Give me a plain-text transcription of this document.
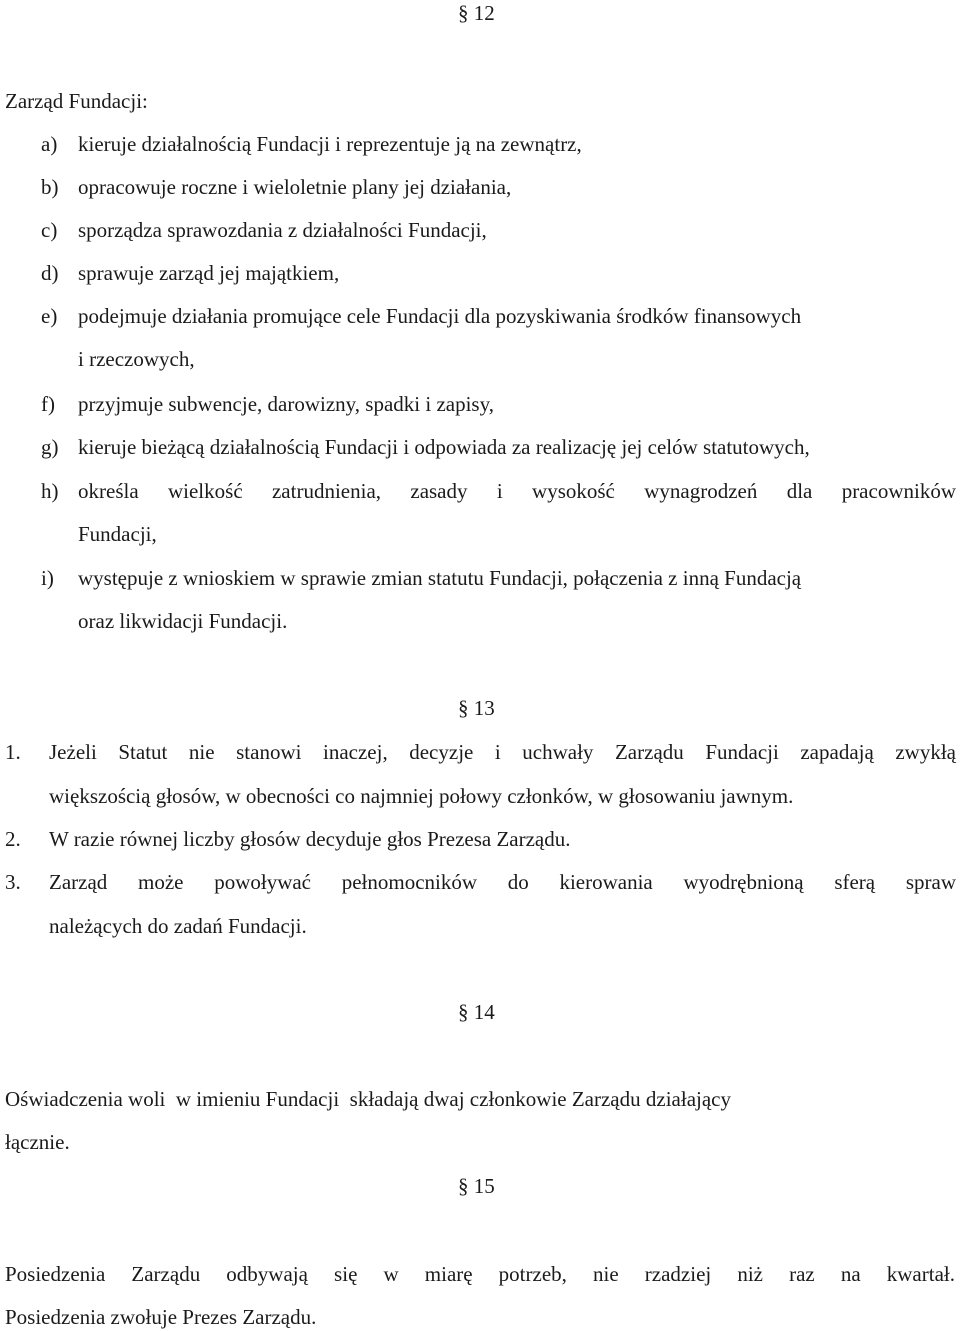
§ 12
Zarząd Fundacji:
a) kieruje działalnością Fundacji i reprezentuje ją na zewnątrz,
b) opracowuje roczne i wieloletnie plany jej działania,
c) sporządza sprawozdania z działalności Fundacji,
d) sprawuje zarząd jej majątkiem,
e) podejmuje działania promujące cele Fundacji dla pozyskiwania środków finansowych
i rzeczowych,
f) przyjmuje subwencje, darowizny, spadki i zapisy,
g) kieruje bieżącą działalnością Fundacji i odpowiada za realizację jej celów statutowych,
h) określa wielkość zatrudnienia, zasady i wysokość wynagrodzeń dla pracowników
Fundacji,
i) występuje z wnioskiem w sprawie zmian statutu Fundacji, połączenia z inną Fundacją
oraz likwidacji Fundacji.
§ 13
1. Jeżeli Statut nie stanowi inaczej, decyzje i uchwały Zarządu Fundacji zapadają zwykłą
większością głosów, w obecności co najmniej połowy członków, w głosowaniu jawnym.
2. W razie równej liczby głosów decyduje głos Prezesa Zarządu.
3. Zarząd może powoływać pełnomocników do kierowania wyodrębnioną sferą spraw
należących do zadań Fundacji.
§ 14
Oświadczenia woli  w imieniu Fundacji  składają dwaj członkowie Zarządu działający
łącznie.
§ 15
Posiedzenia Zarządu odbywają się w miarę potrzeb, nie rzadziej niż raz na kwartał.
Posiedzenia zwołuje Prezes Zarządu.
